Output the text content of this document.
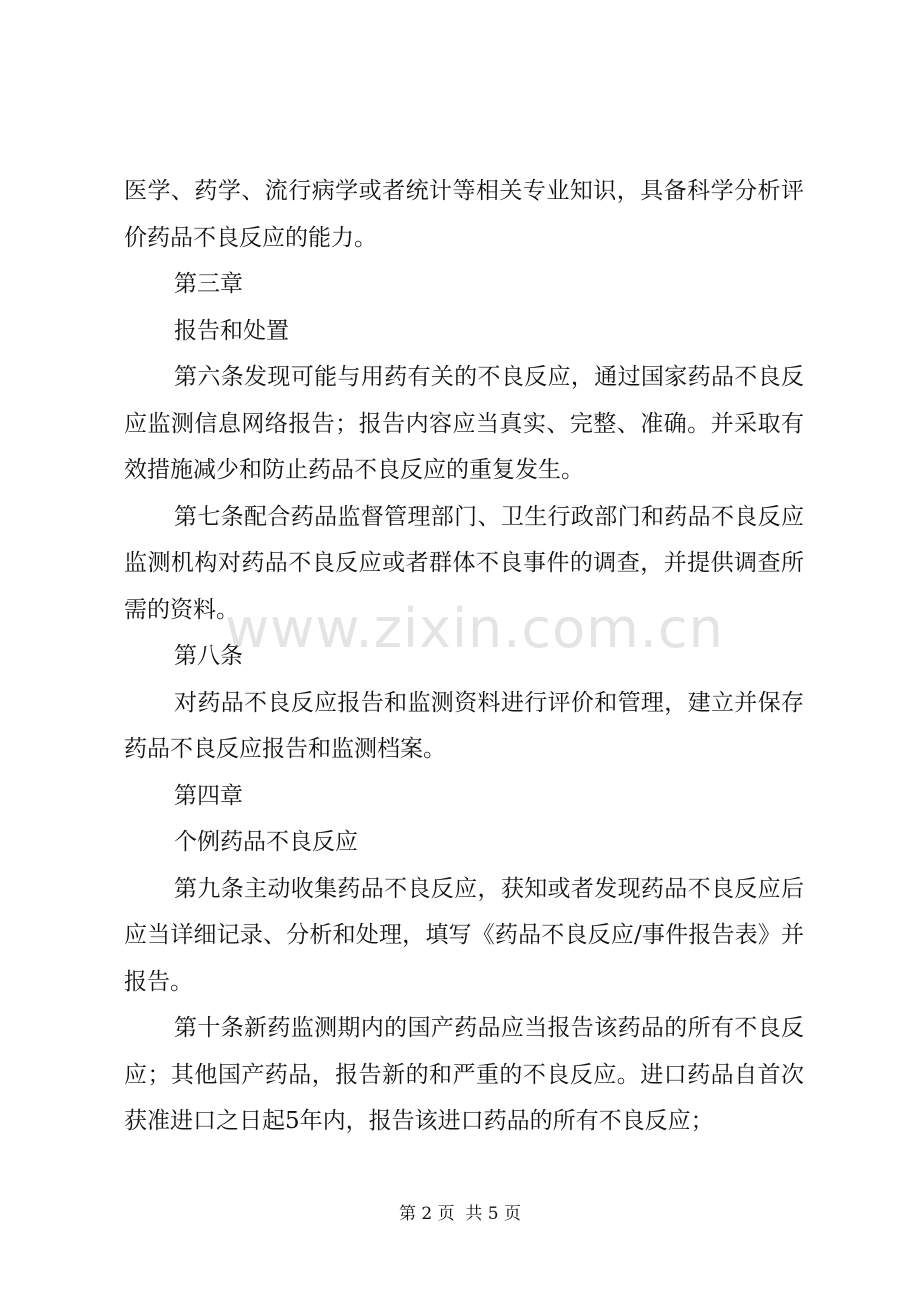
医学、药学、流行病学或者统计等相关专业知识，具备科学分析评价药品不良反应的能力。

第三章

报告和处置

第六条发现可能与用药有关的不良反应，通过国家药品不良反应监测信息网络报告；报告内容应当真实、完整、准确。并采取有效措施减少和防止药品不良反应的重复发生。

第七条配合药品监督管理部门、卫生行政部门和药品不良反应监测机构对药品不良反应或者群体不良事件的调查，并提供调查所需的资料。

第八条

对药品不良反应报告和监测资料进行评价和管理，建立并保存药品不良反应报告和监测档案。

第四章

个例药品不良反应

第九条主动收集药品不良反应，获知或者发现药品不良反应后应当详细记录、分析和处理，填写《药品不良反应/事件报告表》并报告。

第十条新药监测期内的国产药品应当报告该药品的所有不良反应；其他国产药品，报告新的和严重的不良反应。进口药品自首次获准进口之日起5年内，报告该进口药品的所有不良反应；

www.zixin.com.cn
第 2 页  共 5 页
